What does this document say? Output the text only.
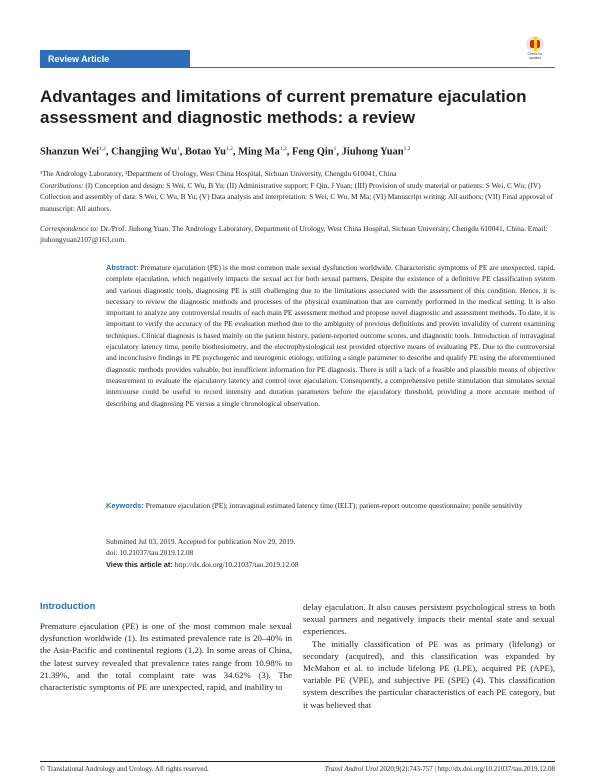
Review Article	Check for updates
Advantages and limitations of current premature ejaculation assessment and diagnostic methods: a review
Shanzun Wei$^{1,2}$, Changjing Wu$^1$, Botao Yu$^{1,2}$, Ming Ma$^{1,2}$, Feng Qin$^1$, Jiuhong Yuan$^{1,2}$
¹The Andrology Laboratory, ²Department of Urology, West China Hospital, Sichuan University, Chengdu 610041, China
Contributions: (I) Conception and design: S Wei, C Wu, B Yu; (II) Administrative support: F Qin, J Yuan; (III) Provision of study material or patients: S Wei, C Wu; (IV) Collection and assembly of data: S Wei, C Wu, B Yu; (V) Data analysis and interpretation: S Wei, C Wu, M Ma; (VI) Manuscript writing: All authors; (VII) Final approval of manuscript: All authors.
Correspondence to: Dr./Prof. Jiuhong Yuan. The Andrology Laboratory, Department of Urology, West China Hospital, Sichuan University, Chengdu 610041, China. Email: jiuhongyuan2107@163.com.
Abstract: Premature ejaculation (PE) is the most common male sexual dysfunction worldwide. Characteristic symptoms of PE are unexpected, rapid, complete ejaculation, which negatively impacts the sexual act for both sexual partners. Despite the existence of a definitive PE classification system and various diagnostic tools, diagnosing PE is still challenging due to the limitations associated with the assessment of this condition. Hence, it is necessary to review the diagnostic methods and processes of the physical examination that are currently performed in the medical setting. It is also important to analyze any controversial results of each main PE assessment method and propose novel diagnostic and assessment methods. To date, it is important to verify the accuracy of the PE evaluation method due to the ambiguity of previous definitions and proven invalidity of current examining techniques. Clinical diagnosis is based mainly on the patient history, patient-reported outcome scores, and diagnostic tools. Introduction of intravaginal ejaculatory latency time, penile biothesiometry, and the electrophysiological test provided objective means of evaluating PE. Due to the controversial and inconclusive findings in PE psychogenic and neurogenic etiology, utilizing a single parameter to describe and qualify PE using the aforementioned diagnostic methods provides valuable, but insufficient information for PE diagnosis. There is still a lack of a feasible and plausible means of objective measurement to evaluate the ejaculatory latency and control over ejaculation. Consequently, a comprehensive penile stimulation that simulates sexual intercourse could be useful to record intensity and duration parameters before the ejaculatory threshold, providing a more accurate method of describing and diagnosing PE versus a single chronological observation.
Keywords: Premature ejaculation (PE); intravaginal estimated latency time (IELT); patient-report outcome questionnaire; penile sensitivity
Submitted Jul 03, 2019. Accepted for publication Nov 29, 2019.
doi: 10.21037/tau.2019.12.08
View this article at: http://dx.doi.org/10.21037/tau.2019.12.08
Introduction

Premature ejaculation (PE) is one of the most common male sexual dysfunction worldwide (1). Its estimated prevalence rate is 20–40% in the Asia-Pacific and continental regions (1,2). In some areas of China, the latest survey revealed that prevalence rates range from 10.98% to 21.39%, and the total complaint rate was 34.62% (3). The characteristic symptoms of PE are unexpected, rapid, and inability to

delay ejaculation. It also causes persistent psychological stress to both sexual partners and negatively impacts their mental state and sexual experiences.

The initially classification of PE was as primary (lifelong) or secondary (acquired), and this classification was expanded by McMahon et al. to include lifelong PE (LPE), acquired PE (APE), variable PE (VPE), and subjective PE (SPE) (4). This classification system describes the particular characteristics of each PE category, but it was believed that

© Translational Andrology and Urology. All rights reserved.	Transl Androl Urol 2020;9(2):743-757 | http://dx.doi.org/10.21037/tau.2019.12.08
